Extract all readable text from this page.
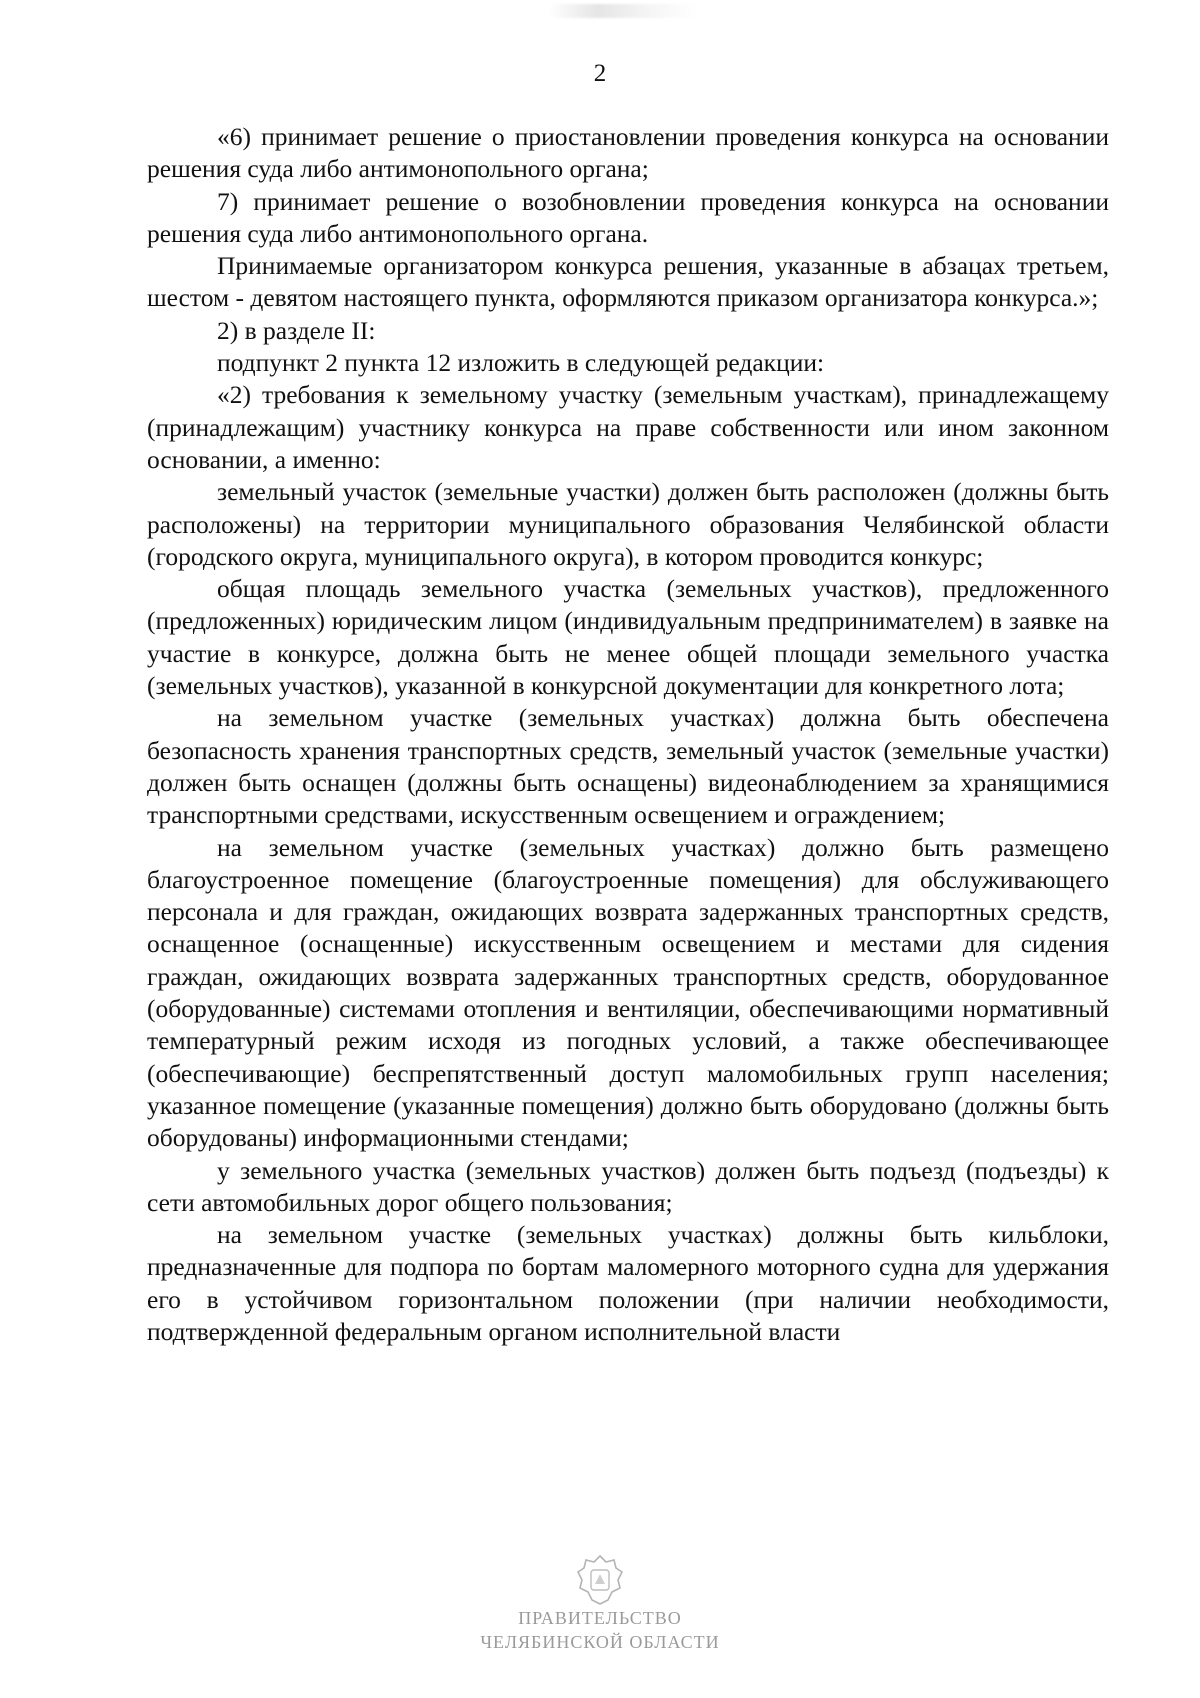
2

«6) принимает решение о приостановлении проведения конкурса на основании решения суда либо антимонопольного органа;

7) принимает решение о возобновлении проведения конкурса на основании решения суда либо антимонопольного органа.

Принимаемые организатором конкурса решения, указанные в абзацах третьем, шестом - девятом настоящего пункта, оформляются приказом организатора конкурса.»;

2) в разделе II:

подпункт 2 пункта 12 изложить в следующей редакции:

«2) требования к земельному участку (земельным участкам), принадлежащему (принадлежащим) участнику конкурса на праве собственности или ином законном основании, а именно:

земельный участок (земельные участки) должен быть расположен (должны быть расположены) на территории муниципального образования Челябинской области (городского округа, муниципального округа), в котором проводится конкурс;

общая площадь земельного участка (земельных участков), предложенного (предложенных) юридическим лицом (индивидуальным предпринимателем) в заявке на участие в конкурсе, должна быть не менее общей площади земельного участка (земельных участков), указанной в конкурсной документации для конкретного лота;

на земельном участке (земельных участках) должна быть обеспечена безопасность хранения транспортных средств, земельный участок (земельные участки) должен быть оснащен (должны быть оснащены) видеонаблюдением за хранящимися транспортными средствами, искусственным освещением и ограждением;

на земельном участке (земельных участках) должно быть размещено благоустроенное помещение (благоустроенные помещения) для обслуживающего персонала и для граждан, ожидающих возврата задержанных транспортных средств, оснащенное (оснащенные) искусственным освещением и местами для сидения граждан, ожидающих возврата задержанных транспортных средств, оборудованное (оборудованные) системами отопления и вентиляции, обеспечивающими нормативный температурный режим исходя из погодных условий, а также обеспечивающее (обеспечивающие) беспрепятственный доступ маломобильных групп населения; указанное помещение (указанные помещения) должно быть оборудовано (должны быть оборудованы) информационными стендами;

у земельного участка (земельных участков) должен быть подъезд (подъезды) к сети автомобильных дорог общего пользования;

на земельном участке (земельных участках) должны быть кильблоки, предназначенные для подпора по бортам маломерного моторного судна для удержания его в устойчивом горизонтальном положении (при наличии необходимости, подтвержденной федеральным органом исполнительной власти

ПРАВИТЕЛЬСТВО
ЧЕЛЯБИНСКОЙ ОБЛАСТИ
